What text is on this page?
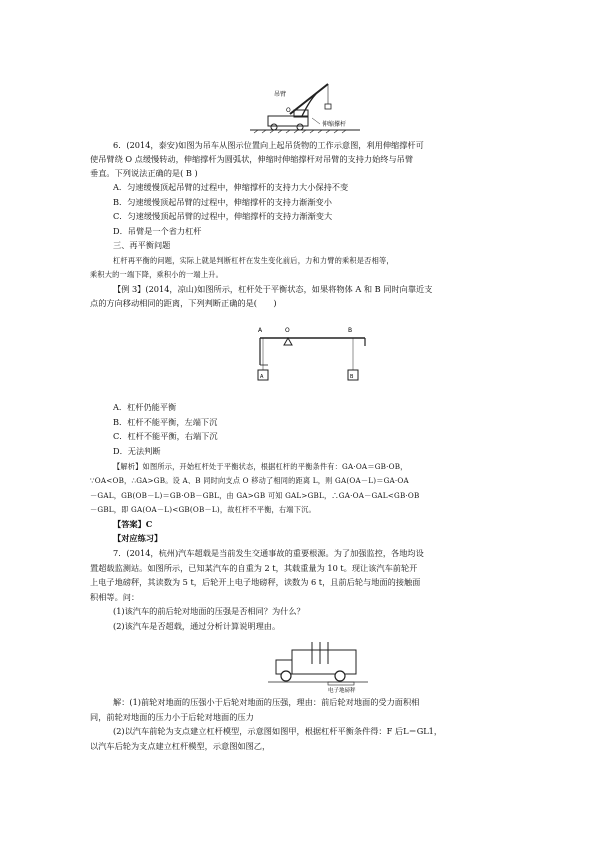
吊臂
O
伸缩撑杆
6．(2014，泰安)如图为吊车从图示位置向上起吊货物的工作示意图，利用伸缩撑杆可
使吊臂绕 O 点缓慢转动，伸缩撑杆为圆弧状，伸缩时伸缩撑杆对吊臂的支持力始终与吊臂
垂直。下列说法正确的是( B )
A．匀速缓慢顶起吊臂的过程中，伸缩撑杆的支持力大小保持不变
B．匀速缓慢顶起吊臂的过程中，伸缩撑杆的支持力渐渐变小
C．匀速缓慢顶起吊臂的过程中，伸缩撑杆的支持力渐渐变大
D．吊臂是一个省力杠杆
三、再平衡问题
杠杆再平衡的问题，实际上就是判断杠杆在发生变化前后，力和力臂的乘积是否相等，
乘积大的一端下降，乘积小的一端上升。
【例 3】(2014，凉山)如图所示，杠杆处于平衡状态，如果将物体 A 和 B 同时向靠近支
点的方向移动相同的距离，下列判断正确的是(　　)
A	O	B
A	B
A．杠杆仍能平衡
B．杠杆不能平衡，左端下沉
C．杠杆不能平衡，右端下沉
D．无法判断
【解析】如图所示，开始杠杆处于平衡状态，根据杠杆的平衡条件有：GA·OA＝GB·OB，
∵OA<OB，∴GA>GB。设 A、B 同时向支点 O 移动了相同的距离 L，则 GA(OA－L)＝GA·OA
－GAL，GB(OB－L)＝GB·OB－GBL，由 GA>GB 可知 GAL>GBL，∴GA·OA－GAL<GB·OB
－GBL，即 GA(OA－L)<GB(OB－L)，故杠杆不平衡，右端下沉。
【答案】C
【对应练习】
7．(2014，杭州)汽车超载是当前发生交通事故的重要根源。为了加强监控，各地均设
置超载监测站。如图所示，已知某汽车的自重为 2 t，其载重量为 10 t。现让该汽车前轮开
上电子地磅秤，其读数为 5 t，后轮开上电子地磅秤，读数为 6 t，且前后轮与地面的接触面
积相等。问：
(1)该汽车的前后轮对地面的压强是否相同？为什么？
(2)该汽车是否超载，通过分析计算说明理由。
电子地磅秤
解：(1)前轮对地面的压强小于后轮对地面的压强，理由：前后轮对地面的受力面积相
同，前轮对地面的压力小于后轮对地面的压力
(2)以汽车前轮为支点建立杠杆模型，示意图如图甲，根据杠杆平衡条件得：F 后L＝GL1，
以汽车后轮为支点建立杠杆模型，示意图如图乙，
